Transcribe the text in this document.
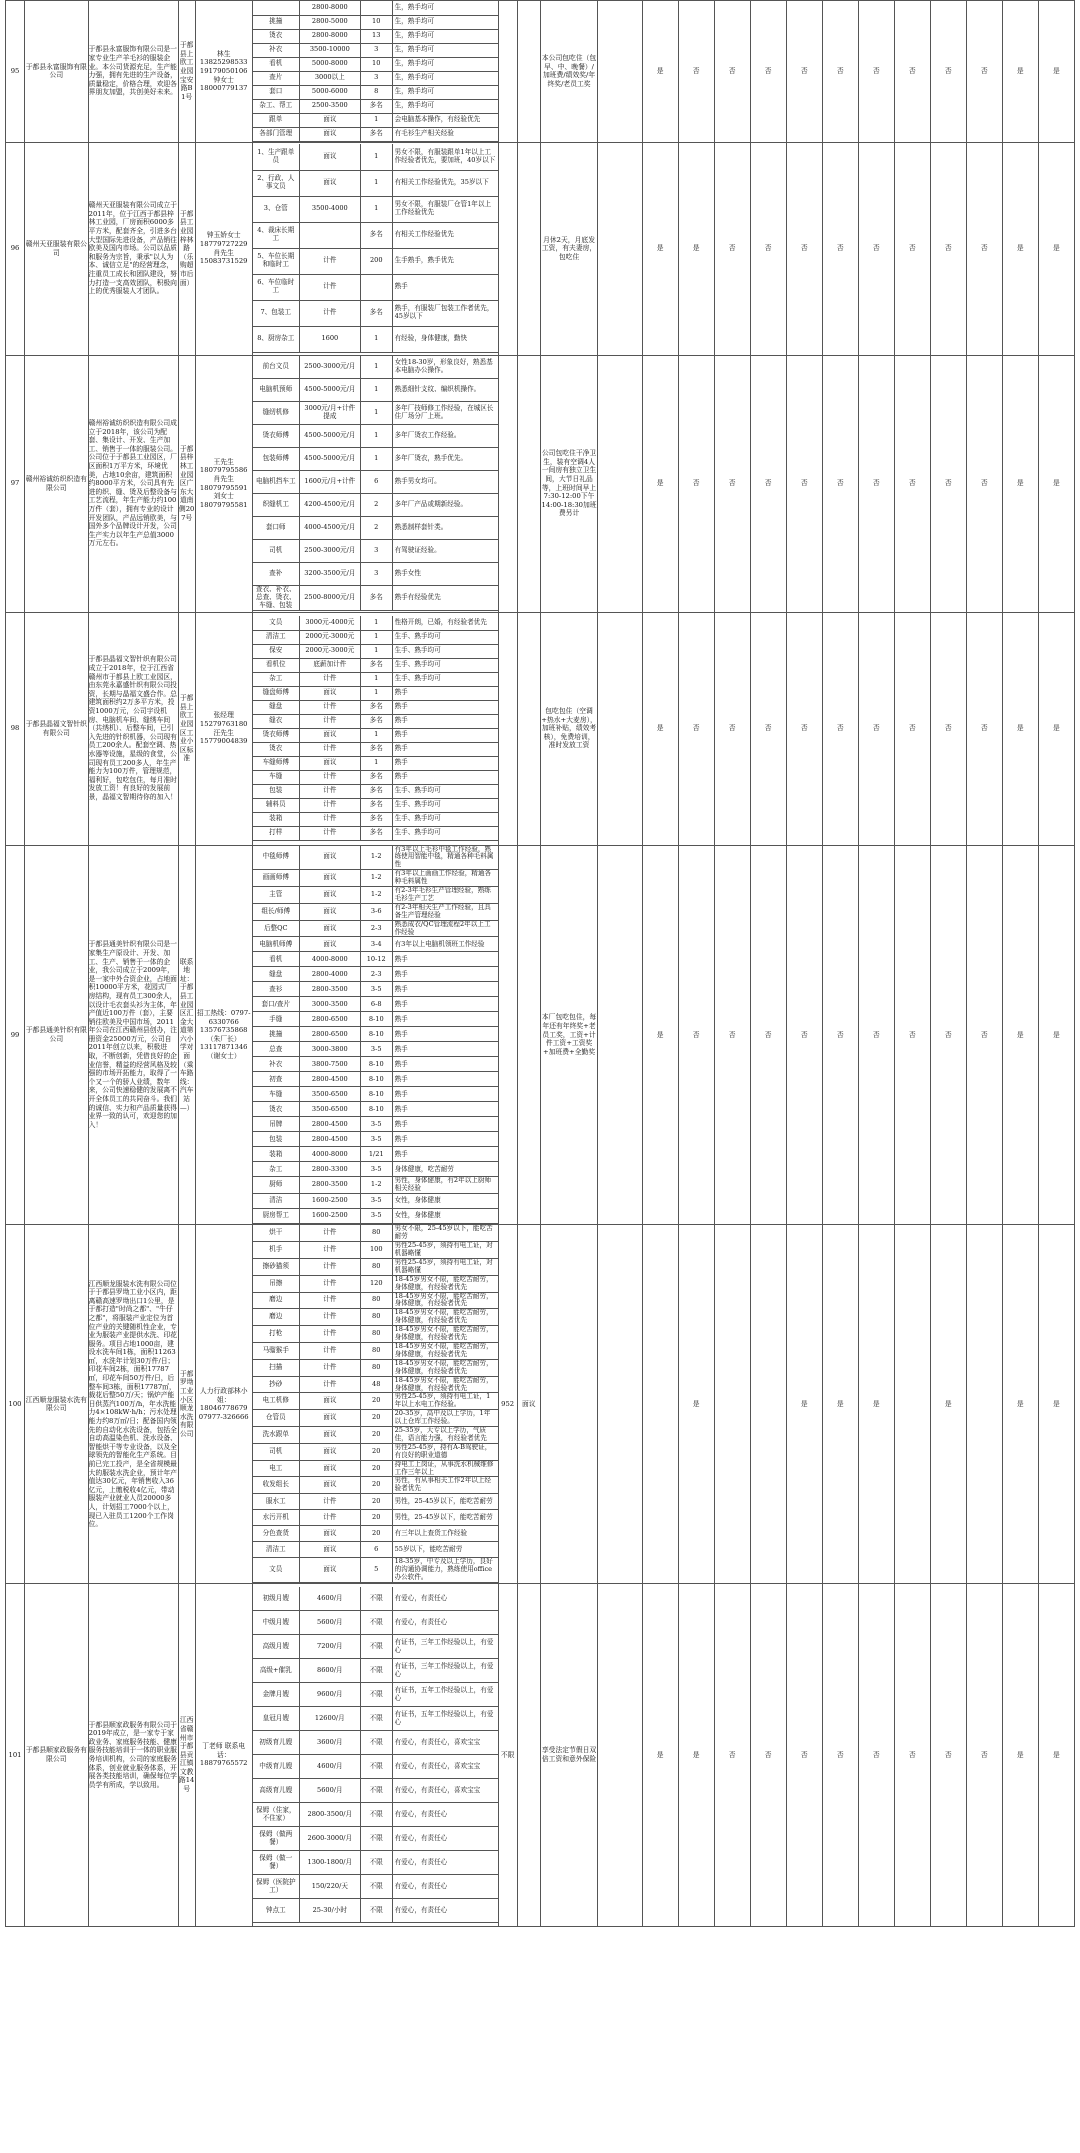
95	于都县永富服饰有限公司	于都县永富服饰有限公司是一家专业生产羊毛衫的服装企业。本公司货源充足，生产能力强，拥有先进的生产设备，质量稳定，价格合理，欢迎各界朋友加盟，共创美好未来。	于都县上欧工业园宝安路B1号	林生 13825298533 19179050106 钟女士 18000779137	
	2800-8000		生，熟手均可
挑撞	2800-5000	10	生，熟手均可
烫衣	2800-8000	13	生，熟手均可
补衣	3500-10000	3	生，熟手均可
看机	5000-8000	10	生，熟手均可
查片	3000以上	3	生，熟手均可
套口	5000-6000	8	生，熟手均可
杂工、帮工	2500-3500	多名	生，熟手均可
跟单	面议	1	会电脑基本操作，有经验优先
各部门管理	面议	多名	有毛衫生产相关经验
			本公司包吃住（包早、中、晚餐）/加班费/绩效奖/年终奖/老员工奖		是	否	否	否	否	否	否	否	否	否	是	是
96	赣州天亚服装有限公司	赣州天亚服装有限公司成立于2011年，位于江西于都县梓林工业园，厂房面积6000多平方米，配套齐全，引进多台大型国际先进设备，产品销往欧美及国内市场。公司以品质和服务为宗旨，秉承"以人为本、诚信立足"的经营理念，注重员工成长和团队建设，努力打造一支高效团队，积极向上的优秀服装人才团队。	于都县工业园梓林路（乐购超市后面）	钟玉娇女士 18779727229 肖先生 15083731529	
1、生产跟单员	面议	1	男女不限，有服装跟单1年以上工作经验者优先，要加班，40岁以下
2、行政、人事文员	面议	1	有相关工作经验优先，35岁以下
3、仓管	3500-4000	1	男女不限，有服装厂仓管1年以上工作经验优先
4、裁床长期工		多名	有相关工作经验优先
5、车位长期和临时工	计件	200	生手熟手，熟手优先
6、车位临时工	计件		熟手
7、包装工	计件	多名	熟手，有服装厂包装工作者优先，45岁以下
8、厨房杂工	1600	1	有经验，身体健康，勤快
			月休2天，月底发工资，有夫妻房，包吃住		是	是	否	否	否	否	否	否	否	否	是	是
97	赣州裕诚纺织织造有限公司	赣州裕诚纺织织造有限公司成立于2018年，该公司为配套、集设计、开发、生产加工、销售于一体的服装公司。公司位于于都县工业园区，厂区面积1万平方米，环境优美，占地10余亩，建筑面积约8000平方米，公司具有先进的织、缝、烫及后整设备与工艺流程，年生产能力约100万件（套），拥有专业的设计开发团队，产品远销欧美，与国外多个品牌设计开发，公司生产实力以年生产总值3000万元左右。	于都县梓林工业园区广东大道南侧207号	王先生 18079795586 肖先生 18079795591 刘女士 18079795581	
前台文员	2500-3000元/月	1	女性18-30岁，形象良好，熟悉基本电脑办公操作。
电脑机预师	4500-5000元/月	1	熟悉细针支纹、编织机操作。
缝纫机修	3000元/月+计件提成	1	多年厂技师修工作经验，在城区长住厂场分厂上班。
烫衣师傅	4500-5000元/月	1	多年厂烫衣工作经验。
包装师傅	4500-5000元/月	1	多年厂烫衣，熟手优先。
电脑机挡车工	1600元/月+计件	6	熟手男女均可。
织缝机工	4200-4500元/月	2	多年厂产品或期新经验。
套口师	4000-4500元/月	2	熟悉制样套针类。
司机	2500-3000元/月	3	有驾驶证经验。
查补	3200-3500元/月	3	熟手女性
查衣、补衣、总查、烫衣、车缝、包装	2500-8000元/月	多名	熟手有经验优先
			公司包吃住干净卫生，装有空调4人一间房有独立卫生间，大节日礼品等，上班时间早上7:30-12:00下午14:00-18:30加班费另计		是	否	否	否	否	否	否	否	否	否	是	是
98	于都县晶福文智针织有限公司	于都县晶福文智针织有限公司成立于2018年，位于江西省赣州市于都县上欧工业园区，由东莞永嘉盛针织有限公司投资，长期与晶福文盛合作。总建筑面积约2万多平方米，投资1000万元，公司宇设机房、电脑机车间、缝绣车间（共绣机）、后整车间，已引入先进的针织机器，公司现有员工200余人。配套空调、热水器等设施，星级的食堂，公司现有员工200多人，年生产能力为100万件，管理规范，福利好，包吃包住，每月准时发放工资！有良好的发展前景，晶福文智期待你的加入！	于都县上欧工业园区工业小区标准	张经理 15279763180 汪先生 15779004839	
文员	3000元-4000元	1	性格开朗，已婚，有经验者优先
清洁工	2000元-3000元	1	生手、熟手均可
保安	2000元-3000元	1	生手、熟手均可
看机位	底薪加计件	多名	生手、熟手均可
杂工	计件	1	生手、熟手均可
缝盘师傅	面议	1	熟手
缝盘	计件	多名	熟手
缝衣	计件	多名	熟手
烫衣师傅	面议	1	熟手
烫衣	计件	多名	熟手
车缝师傅	面议	1	熟手
车缝	计件	多名	熟手
包装	计件	多名	生手、熟手均可
辅料员	计件	多名	生手、熟手均可
装箱	计件	多名	生手、熟手均可
打样	计件	多名	生手、熟手均可
			包吃包住（空调+热水+大麦房），加班补贴，绩效考核），免费培训，准时发放工资		是	否	否	否	否	否	否	否	否	否	是	是
99	于都县通美针织有限公司	于都县通美针织有限公司是一家集生产原设计、开发、加工、生产、销售于一体的企业，我公司成立于2009年，是一家中外合资企业，占地面积10000平方米，花园式厂房结构，现有员工300余人，以设计毛衣套头衫为主体，年产值近100万件（套），主要销往欧美及中国市场，2011年公司在江西赣州县创办，注册资金25000万元，公司自2011年创立以来，积极进取，不断创新，凭借良好的企业信誉，精益的经营风格及较强的市场开拓能力，取得了一个又一个的骄人业绩，数年来，公司快速稳健的发展离不开全体员工的共同奋斗。我们的诚信、实力和产品质量获得业界一致的认可，欢迎您的加入！	联系地址：于都县工业园区汇金大道第六小学对面（乘车路线：汽车站—）	招工热线：0797-6330766 13576735868（朱厂长） 13117871346（谢女士）	
中毯师傅	面议	1-2	有3年以上毛衫中毯工作经验，熟练使用智能中毯，精通各种毛料属性
画画师傅	面议	1-2	有3年以上画画工作经验，精通各种毛料属性
主管	面议	1-2	有2-3年毛衫生产管理经验，熟练毛衫生产工艺
组长/师傅	面议	3-6	有2-3年相关生产工作经验，且具备生产管理经验
后整QC	面议	2-3	熟悉成衣/QC管理流程2年以上工作经验
电脑机师傅	面议	3-4	有3年以上电脑机领班工作经验
看机	4000-8000	10-12	熟手
缝盘	2800-4000	2-3	熟手
查衫	2800-3500	3-5	熟手
套口/查片	3000-3500	6-8	熟手
手缝	2800-6500	8-10	熟手
挑撞	2800-6500	8-10	熟手
总查	3000-3800	3-5	熟手
补衣	3800-7500	8-10	熟手
初查	2800-4500	8-10	熟手
车缝	3500-6500	8-10	熟手
烫衣	3500-6500	8-10	熟手
吊牌	2800-4500	3-5	熟手
包装	2800-4500	3-5	熟手
装箱	4000-8000	1/21	熟手
杂工	2800-3300	3-5	身体健康，吃苦耐劳
厨师	2800-3500	1-2	男性，身体健康，有2年以上厨师相关经验
清洁	1600-2500	3-5	女性，身体健康
厨房帮工	1600-2500	3-5	女性，身体健康
			本厂包吃包住，每年还有年终奖+老员工奖，工资+计件工资+工资奖+加班费+全勤奖		是	否	否	否	否	否	否	否	否	否	是	是
100	江西顺龙服装水洗有限公司	江西顺龙服装水洗有限公司位于于都县罗坳工业小区内，距离赣高速罗坳出口1公里，是于都打造"时尚之都"、"牛仔之都"，将服装产业定位为首位产业的关键随机性企业，专业为服装产业提供水洗、印花服务。项目占地1000亩，建设水洗车间1栋，面积11263㎡，水洗年计划30万件/日；印花车间2栋，面积17787㎡，印花车间50万件/日，后整车间3栋，面积17787㎡，裁花后整50万/天；锅炉产能日供蒸汽100万/h，年水洗能力4×108kW·h/h；污水处理能力约8万㎡/日；配备国内领先的自动化水洗设备，包括全自动高温染色机、洗水设备、智能烘干等专业设备，以及全球领先的智能化生产系统。目前已完工投产，是全省规模最大的服装水洗企业，预计年产值达30亿元，年销售收入36亿元，上缴税收4亿元，带动服装产业就业人员20000多人，计划招工7000个以上，现已入驻员工1200个工作岗位。	于都罗坳工业小区顺龙水洗有限公司	人力行政部林小姐：18046778679 07977-326666	
烘干	计件	80	男女不限，25-45岁以下，能吃苦耐劳
机手	计件	100	男性25-45岁，须持有电工证，对机器略懂
擦砂猫须	计件	80	男性25-45岁，须持有电工证，对机器略懂
吊擦	计件	120	18-45岁男女不限，能吃苦耐劳，身体健康，有经验者优先
磨边	计件	80	18-45岁男女不限，能吃苦耐劳，身体健康，有经验者优先
磨边	计件	80	18-45岁男女不限，能吃苦耐劳，身体健康，有经验者优先
打枪	计件	80	18-45岁男女不限，能吃苦耐劳，身体健康，有经验者优先
马骝猴手	计件	80	18-45岁男女不限，能吃苦耐劳，身体健康，有经验者优先
扫描	计件	80	18-45岁男女不限，能吃苦耐劳，身体健康，有经验者优先
抄砂	计件	48	18-45岁男女不限，能吃苦耐劳，身体健康，有经验者优先
电工机修	面议	20	男性25-45岁，须持有电工证，1年以上水电工作经验。
仓管员	面议	20	20-35岁，高中及以上学历，1年以上仓库工作经验。
洗水跟单	面议	20	25-35岁，大专以上学历，气质佳，语言能力强，有经验者优先
司机	面议	20	男性25-45岁，持有A-B驾驶证，有良好的职业道德
电工	面议	20	持电工上岗证，从事洗水机械维修工作三年以上
收发组长	面议	20	男性，有从事相关工作2年以上经验者优先
服水工	计件	20	男性，25-45岁以下，能吃苦耐劳
水污开机	计件	20	男性，25-45岁以下，能吃苦耐劳
分色查货	面议	20	有三年以上查货工作经验
清洁工	面议	6	55岁以下，能吃苦耐劳
文员	面议	5	18-35岁，中专及以上学历，良好的沟通协调能力，熟练使用office办公软件。
	952	面议				是			是	是	是		是		是	是
101	于都县顺家政服务有限公司	于都县顺家政服务有限公司于2019年成立，是一家专于家政业务、家庭服务技能、健康服务技能培训于一体的职业服务培训机构，公司的家庭服务体系，创业就业服务体系，开展各类技能培训，确保每位学员学有所成，学以致用。	江西省赣州市于都县贡江镇文教路14号	丁老师 联系电话：18879765572	
初级月嫂	4600/月	不限	有爱心，有责任心
中级月嫂	5600/月	不限	有爱心，有责任心
高级月嫂	7200/月	不限	有证书，三年工作经验以上，有爱心
高级+催乳	8600/月	不限	有证书，三年工作经验以上，有爱心
金牌月嫂	9600/月	不限	有证书，五年工作经验以上，有爱心
皇冠月嫂	12600/月	不限	有证书，五年工作经验以上，有爱心
初级育儿嫂	3600/月	不限	有爱心，有责任心，喜欢宝宝
中级育儿嫂	4600/月	不限	有爱心，有责任心，喜欢宝宝
高级育儿嫂	5600/月	不限	有爱心，有责任心，喜欢宝宝
保姆（住家，不住家）	2800-3500/月	不限	有爱心，有责任心
保姆（做两餐）	2600-3000/月	不限	有爱心，有责任心
保姆（做一餐）	1300-1800/月	不限	有爱心，有责任心
保姆（医院护工）	150/220/天	不限	有爱心，有责任心
钟点工	25-30/小时	不限	有爱心，有责任心
	不限		享受法定节假日双倍工资和意外保险		是	是	否	否	否	否	否	否	否	否	是	是
